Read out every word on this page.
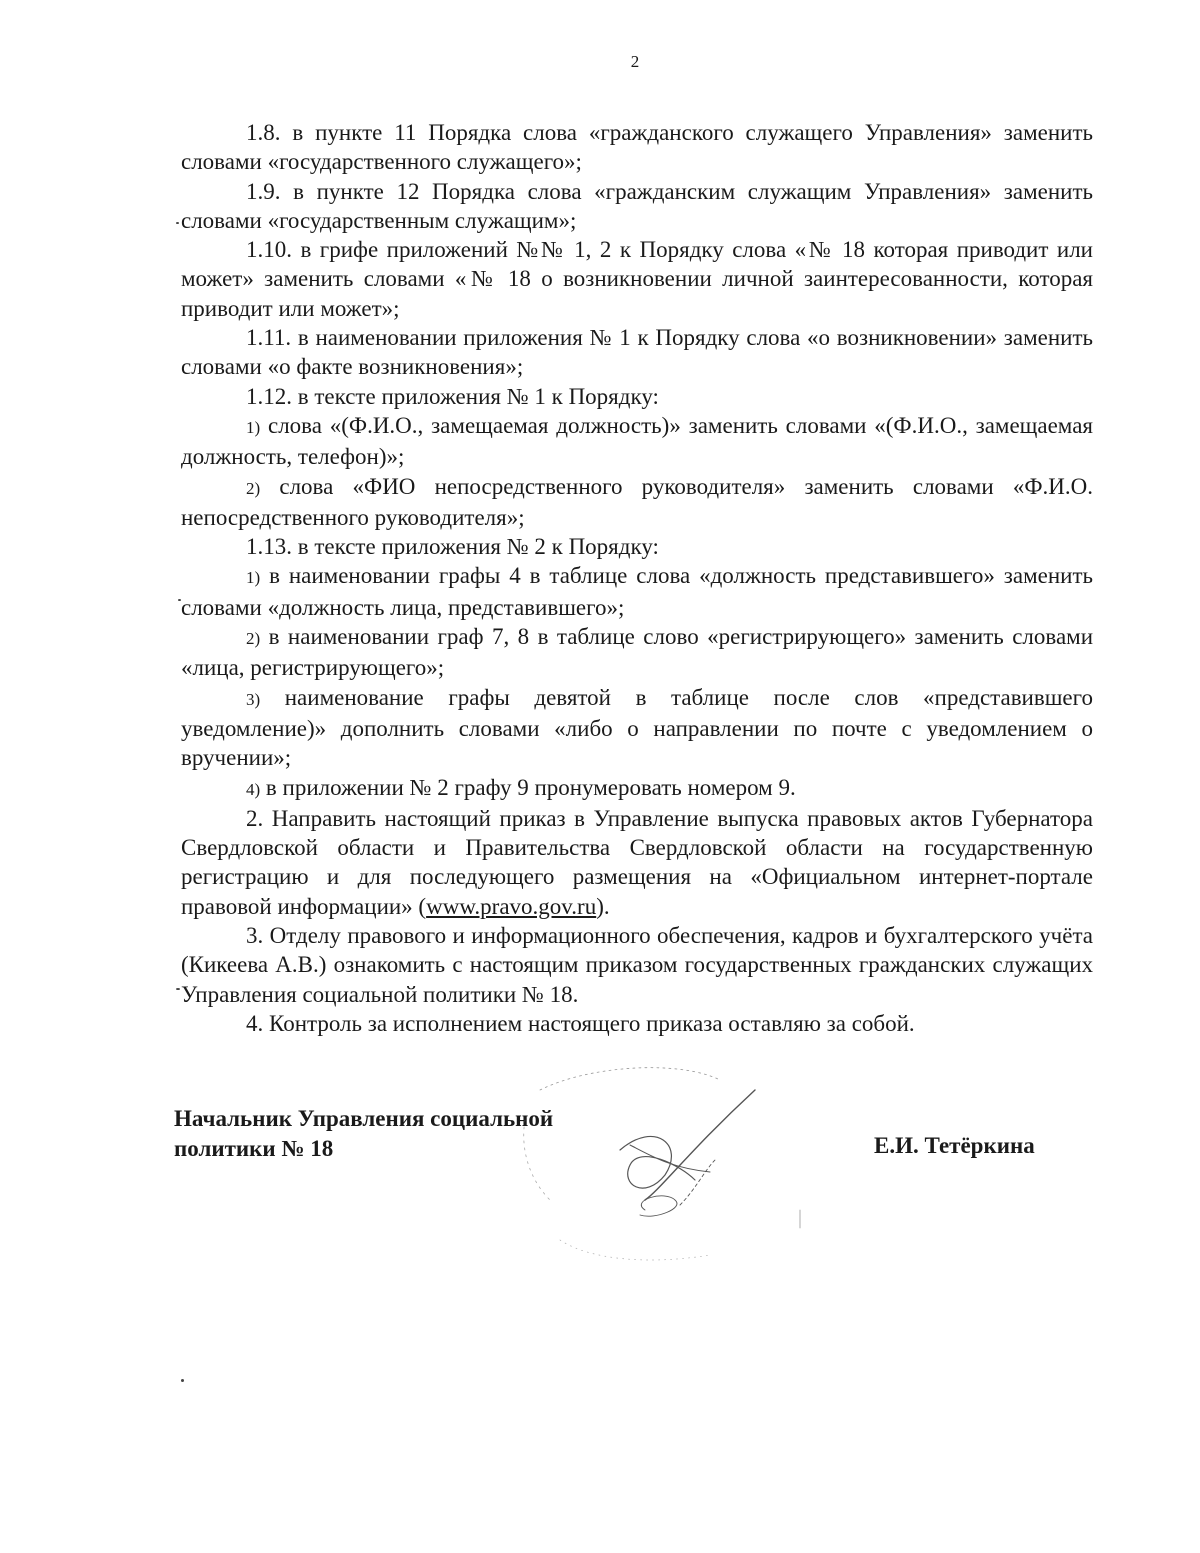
2

1.8. в пункте 11 Порядка слова «гражданского служащего Управления» заменить словами «государственного служащего»;

1.9. в пункте 12 Порядка слова «гражданским служащим Управления» заменить словами «государственным служащим»;

1.10. в грифе приложений №№ 1, 2 к Порядку слова «№ 18 которая приводит или может» заменить словами «№ 18 о возникновении личной заинтересованности, которая приводит или может»;

1.11. в наименовании приложения № 1 к Порядку слова «о возникновении» заменить словами «о факте возникновения»;

1.12. в тексте приложения № 1 к Порядку:

1) слова «(Ф.И.О., замещаемая должность)» заменить словами «(Ф.И.О., замещаемая должность, телефон)»;

2) слова «ФИО непосредственного руководителя» заменить словами «Ф.И.О. непосредственного руководителя»;

1.13. в тексте приложения № 2 к Порядку:

1) в наименовании графы 4 в таблице слова «должность представившего» заменить словами «должность лица, представившего»;

2) в наименовании граф 7, 8 в таблице слово «регистрирующего» заменить словами «лица, регистрирующего»;

3) наименование графы девятой в таблице после слов «представившего уведомление)» дополнить словами «либо о направлении по почте с уведомлением о вручении»;

4) в приложении № 2 графу 9 пронумеровать номером 9.

2. Направить настоящий приказ в Управление выпуска правовых актов Губернатора Свердловской области и Правительства Свердловской области на государственную регистрацию и для последующего размещения на «Официальном интернет-портале правовой информации» (www.pravo.gov.ru).

3. Отделу правового и информационного обеспечения, кадров и бухгалтерского учёта (Кикеева А.В.) ознакомить с настоящим приказом государственных гражданских служащих Управления социальной политики № 18.

4. Контроль за исполнением настоящего приказа оставляю за собой.

Начальник Управления социальной
политики № 18	Е.И. Тетёркина
